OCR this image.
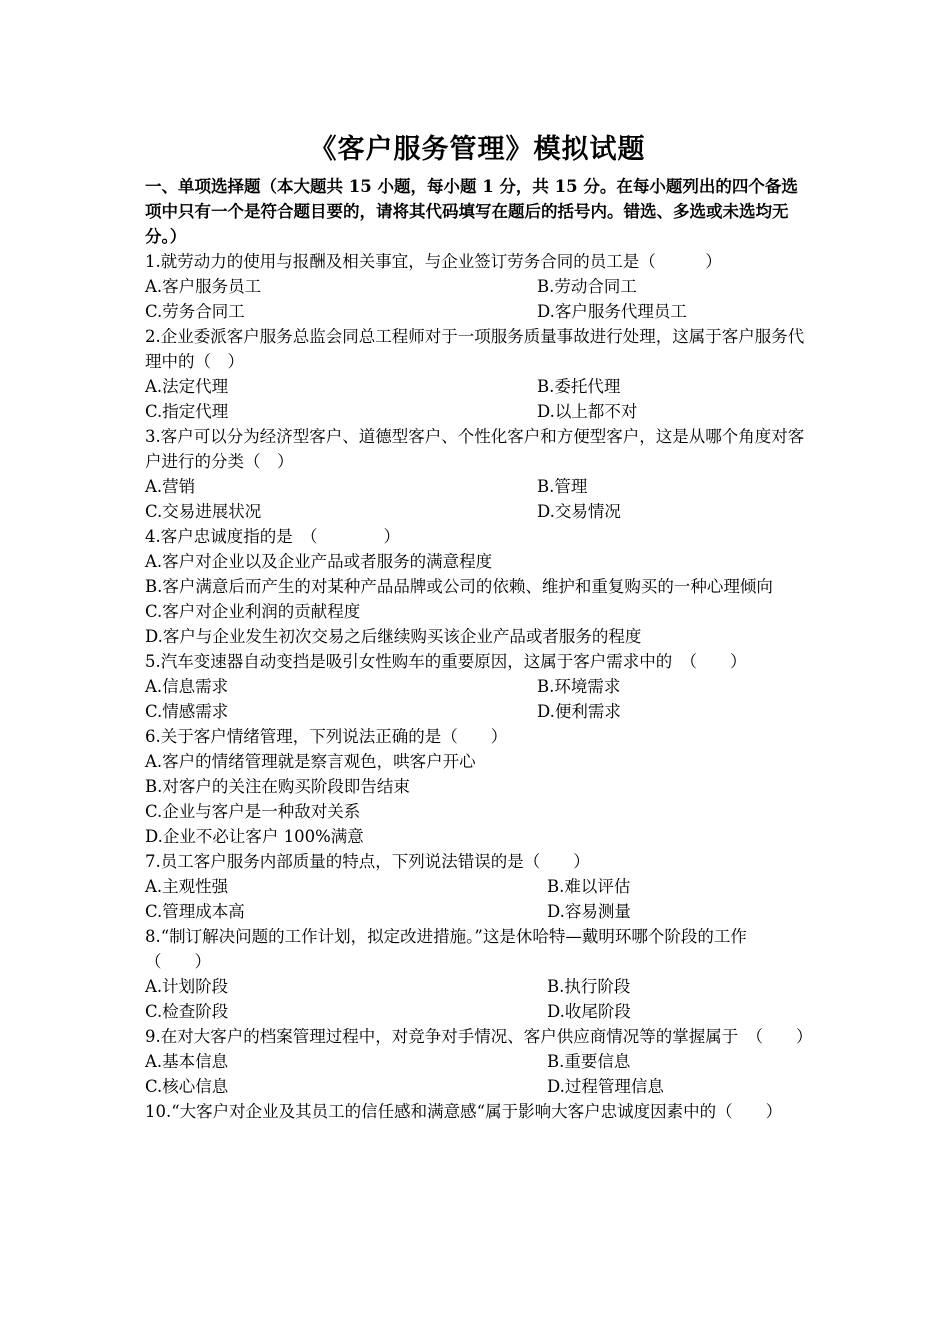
《客户服务管理》模拟试题
一、单项选择题（本大题共 15 小题，每小题 1 分，共 15 分。在每小题列出的四个备选项中只有一个是符合题目要的，请将其代码填写在题后的括号内。错选、多选或未选均无分。）
1.就劳动力的使用与报酬及相关事宜，与企业签订劳务合同的员工是（　　　）
A.客户服务员工	B.劳动合同工
C.劳务合同工	D.客户服务代理员工
2.企业委派客户服务总监会同总工程师对于一项服务质量事故进行处理，这属于客户服务代理中的（　）
A.法定代理	B.委托代理
C.指定代理	D.以上都不对
3.客户可以分为经济型客户、道德型客户、个性化客户和方便型客户，这是从哪个角度对客户进行的分类（　）
A.营销	B.管理
C.交易进展状况	D.交易情况
4.客户忠诚度指的是　（　　　　）
A.客户对企业以及企业产品或者服务的满意程度
B.客户满意后而产生的对某种产品品牌或公司的依赖、维护和重复购买的一种心理倾向
C.客户对企业利润的贡献程度
D.客户与企业发生初次交易之后继续购买该企业产品或者服务的程度
5.汽车变速器自动变挡是吸引女性购车的重要原因，这属于客户需求中的　（　　）
A.信息需求	B.环境需求
C.情感需求	D.便利需求
6.关于客户情绪管理，下列说法正确的是（　　）
A.客户的情绪管理就是察言观色，哄客户开心
B.对客户的关注在购买阶段即告结束
C.企业与客户是一种敌对关系
D.企业不必让客户 100%满意
7.员工客户服务内部质量的特点，下列说法错误的是（　　）
A.主观性强	B.难以评估
C.管理成本高	D.容易测量
8.“制订解决问题的工作计划，拟定改进措施。”这是休哈特—戴明环哪个阶段的工作　（　　）
A.计划阶段	B.执行阶段
C.检查阶段	D.收尾阶段
9.在对大客户的档案管理过程中，对竞争对手情况、客户供应商情况等的掌握属于　（　　）
A.基本信息	B.重要信息
C.核心信息	D.过程管理信息
10.“大客户对企业及其员工的信任感和满意感“属于影响大客户忠诚度因素中的（　　）
